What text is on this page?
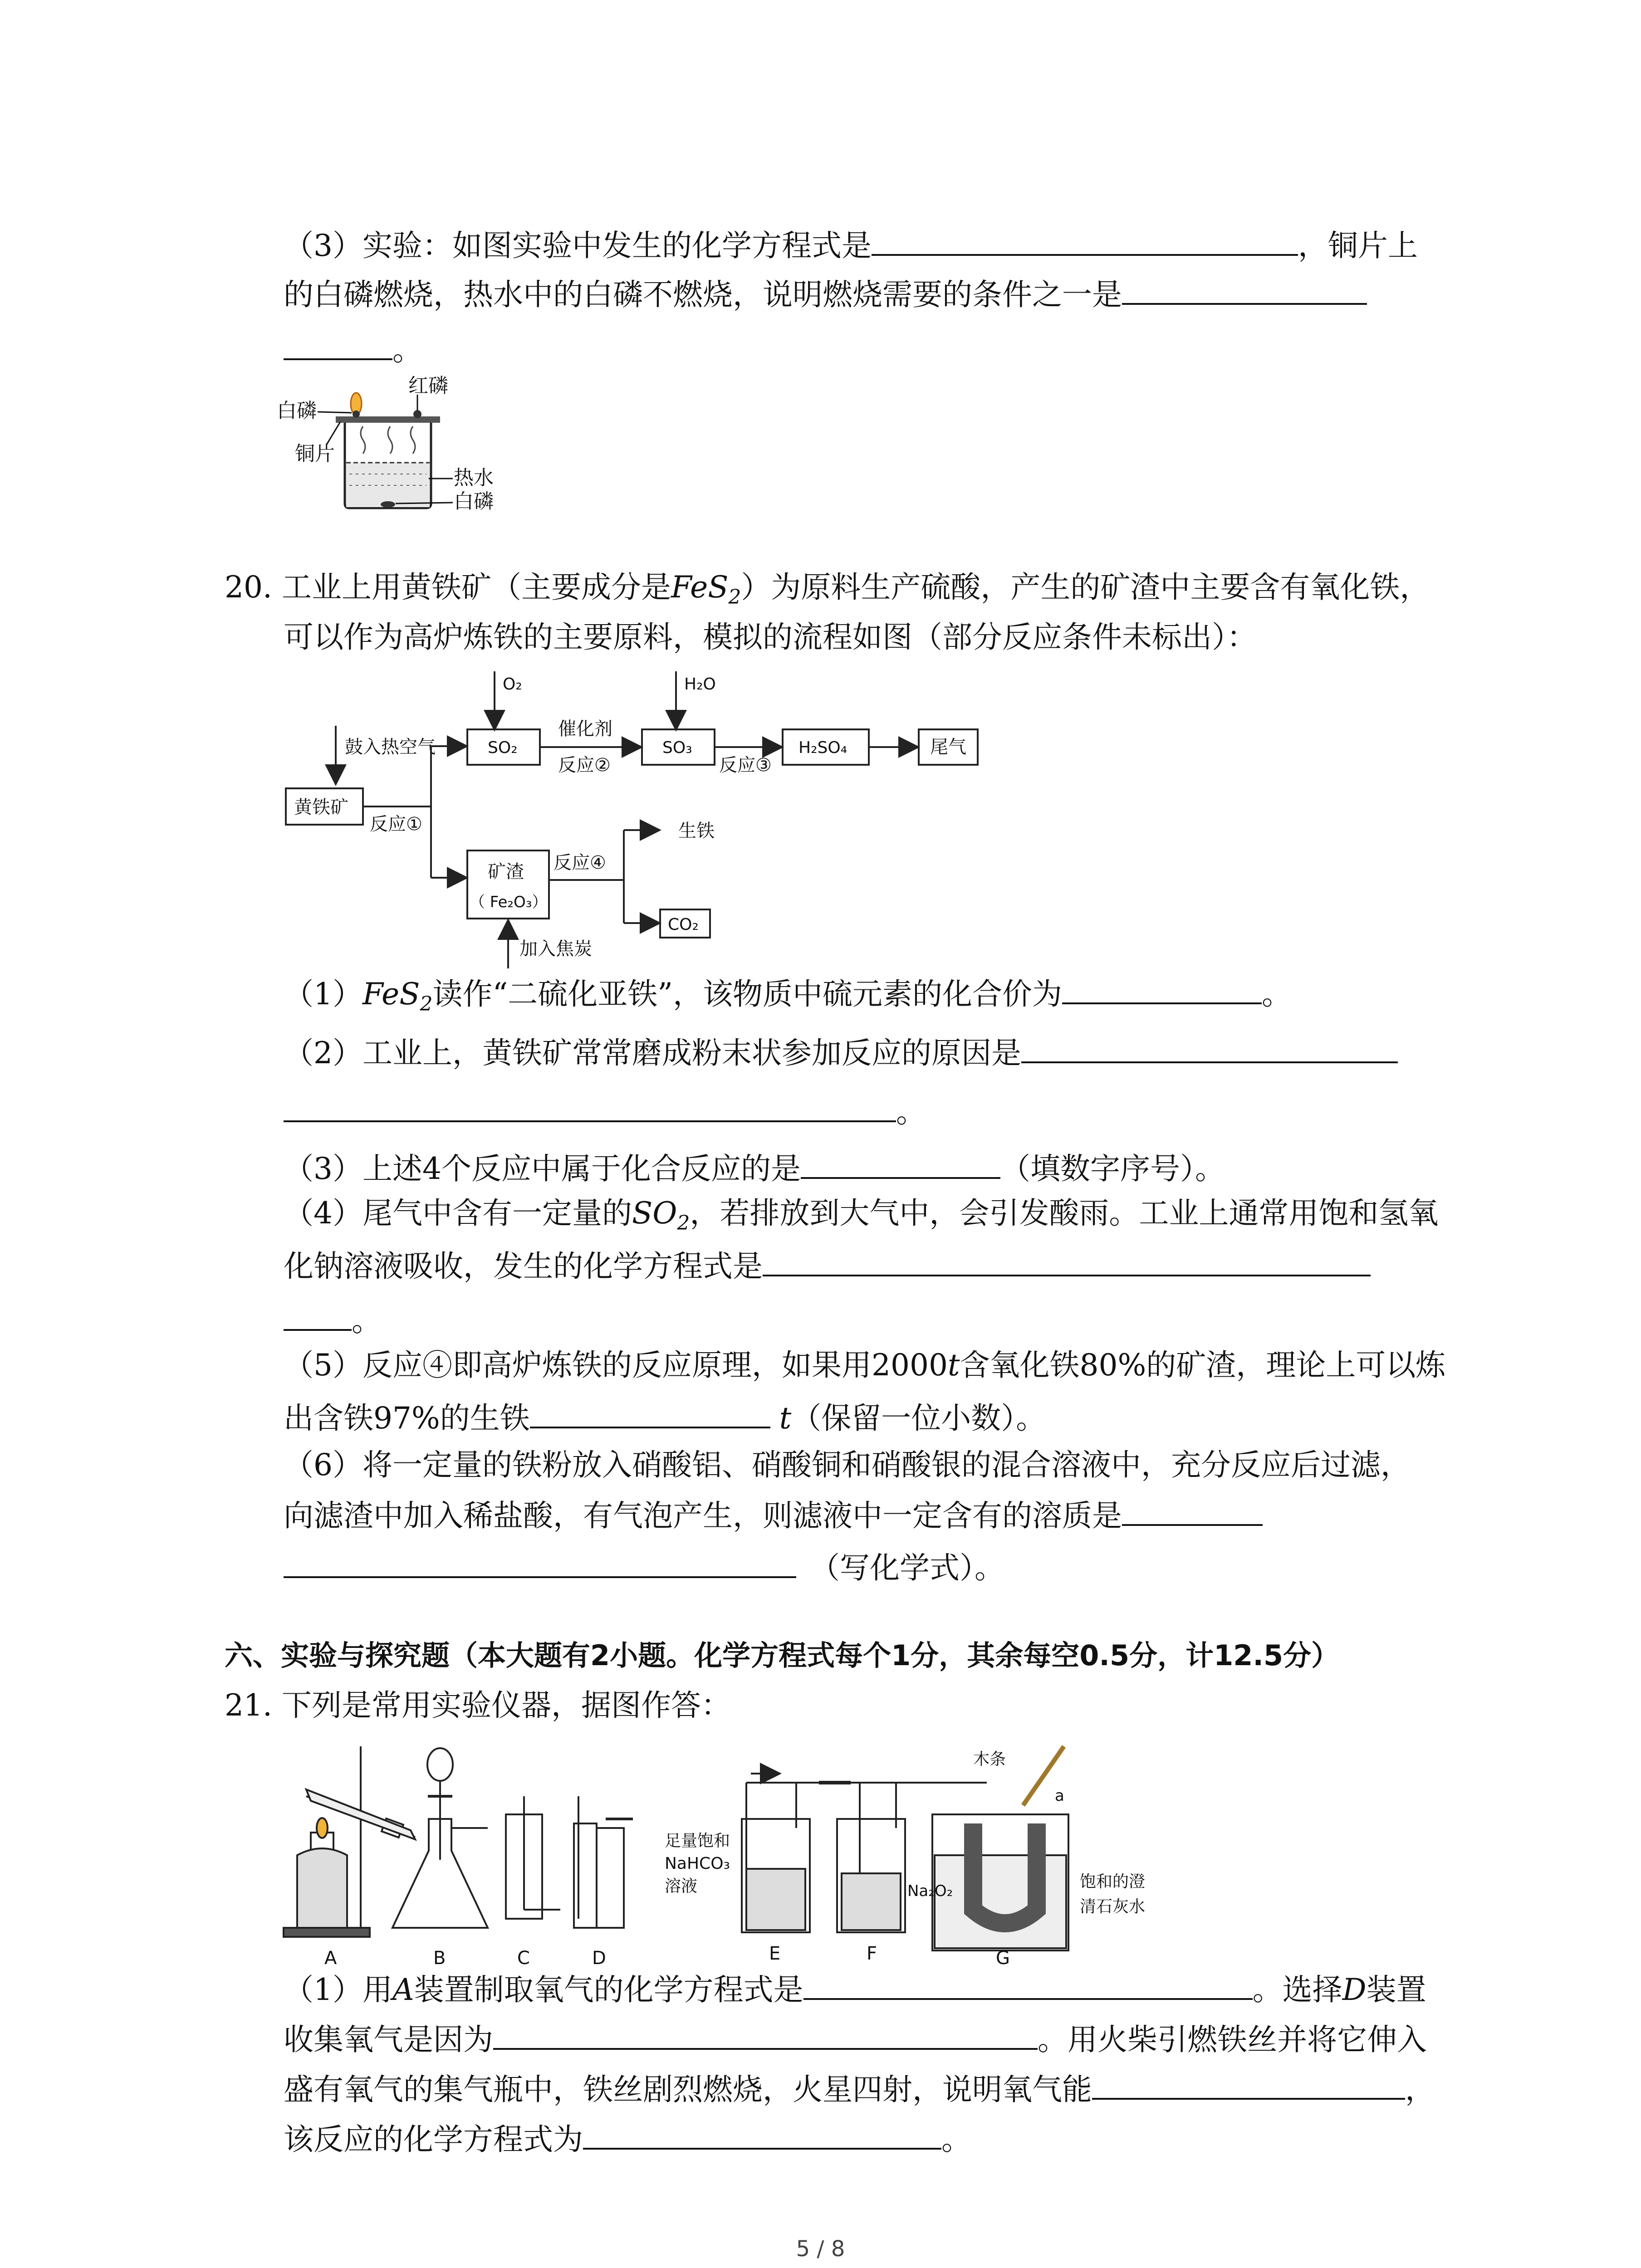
（3）实验：如图实验中发生的化学方程式是	，铜片上
的白磷燃烧，热水中的白磷不燃烧，说明燃烧需要的条件之一是
。
红磷
白磷
铜片
热水
白磷
20. 工业上用黄铁矿（主要成分是FeS$_2$）为原料生产硫酸，产生的矿渣中主要含有氧化铁，
可以作为高炉炼铁的主要原料，模拟的流程如图（部分反应条件未标出）：
鼓入热空气
黄铁矿
反应①
O₂
SO₂
催化剂
反应②
H₂O
SO₃
反应③
H₂SO₄	尾气
矿渣
（ Fe₂O₃）
反应④
生铁
CO₂
加入焦炭
（1）FeS$_2$读作“二硫化亚铁”，该物质中硫元素的化合价为	。
（2）工业上，黄铁矿常常磨成粉末状参加反应的原因是
。
（3）上述4个反应中属于化合反应的是	（填数字序号）。
（4）尾气中含有一定量的$SO_2$，若排放到大气中，会引发酸雨。工业上通常用饱和氢氧
化钠溶液吸收，发生的化学方程式是
。
（5）反应④即高炉炼铁的反应原理，如果用2000t含氧化铁80%的矿渣，理论上可以炼
出含铁97%的生铁	t（保留一位小数）。
（6）将一定量的铁粉放入硝酸铝、硝酸铜和硝酸银的混合溶液中，充分反应后过滤，
向滤渣中加入稀盐酸，有气泡产生，则滤液中一定含有的溶质是
（写化学式）。
六、实验与探究题（本大题有2小题。化学方程式每个1分，其余每空0.5分，计12.5分）
21. 下列是常用实验仪器，据图作答：
A	B	C	D	E	F	G
足量饱和
NaHCO₃
溶液	Na₂O₂
木条
a
饱和的澄
清石灰水
（1）用A装置制取氧气的化学方程式是	。选择D装置
收集氧气是因为	。用火柴引燃铁丝并将它伸入
盛有氧气的集气瓶中，铁丝剧烈燃烧，火星四射，说明氧气能	，
该反应的化学方程式为	。
5 / 8
